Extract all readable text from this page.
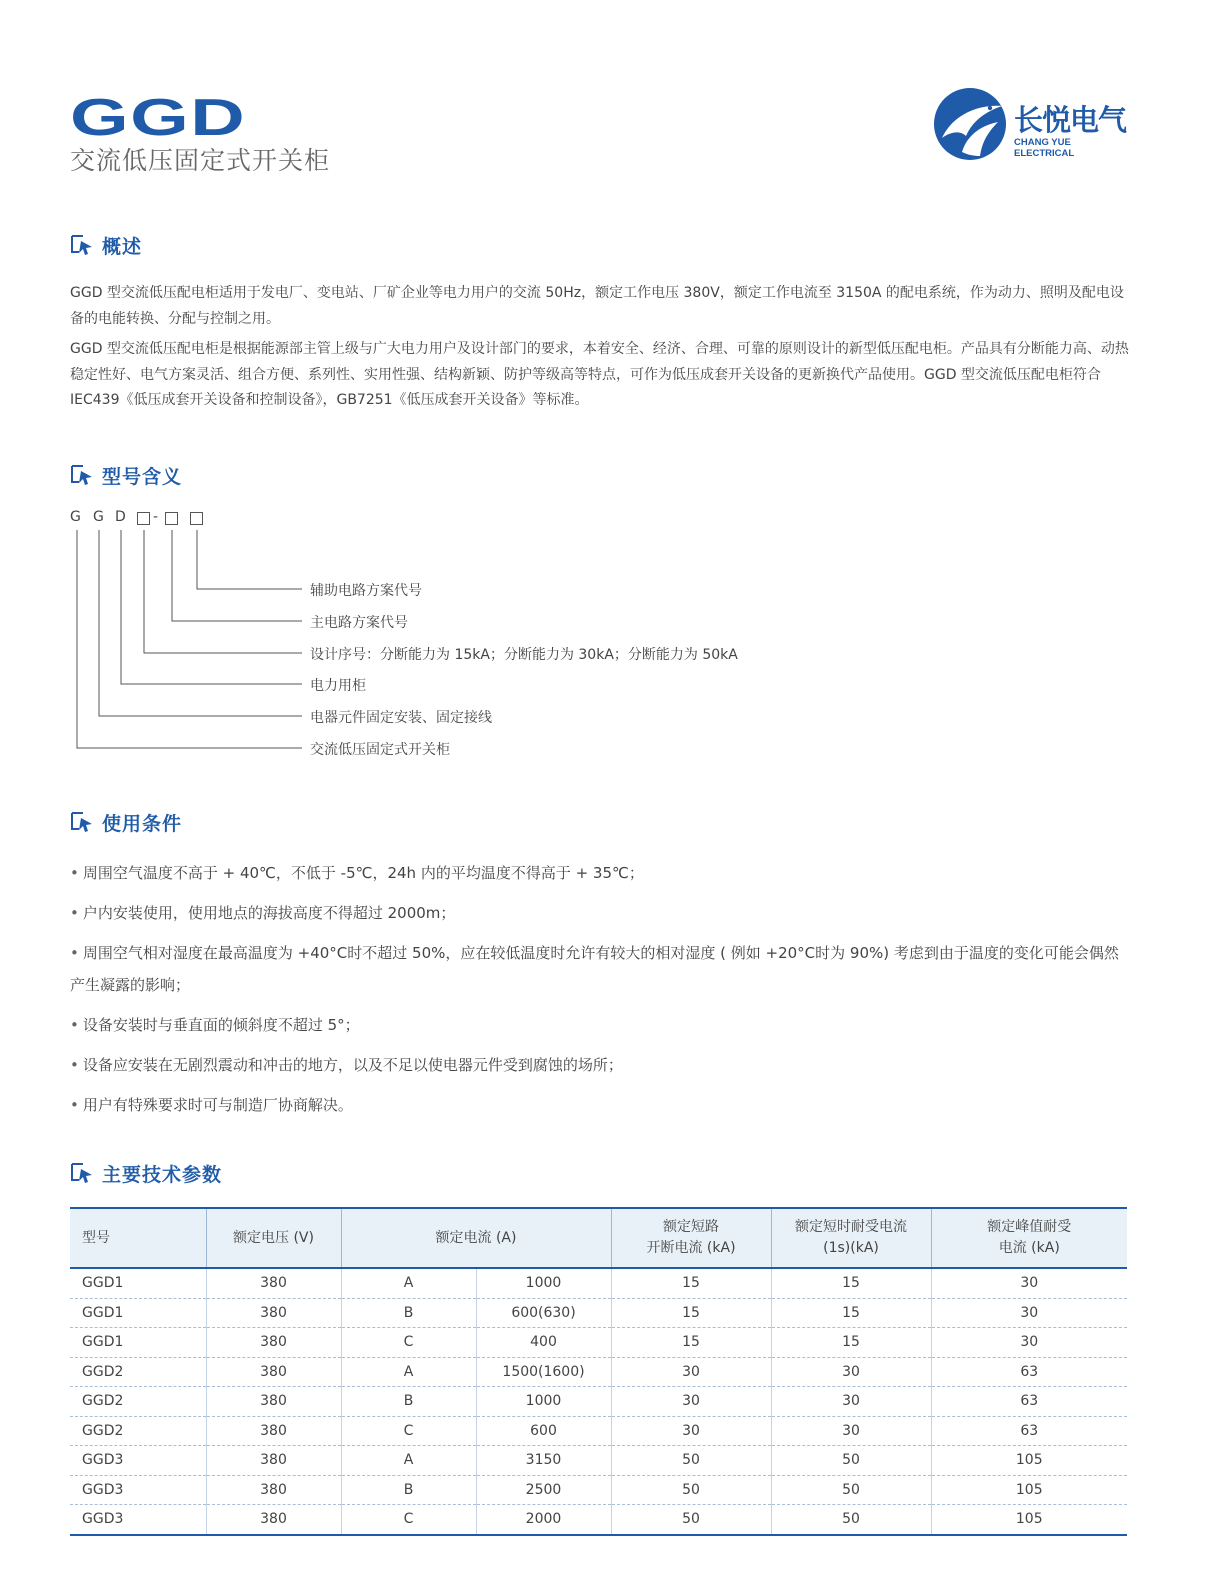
GGD
交流低压固定式开关柜
长悦电气
CHANG YUE ELECTRICAL
概述

GGD 型交流低压配电柜适用于发电厂、变电站、厂矿企业等电力用户的交流 50Hz，额定工作电压 380V，额定工作电流至 3150A 的配电系统，作为动力、照明及配电设备的电能转换、分配与控制之用。

GGD 型交流低压配电柜是根据能源部主管上级与广大电力用户及设计部门的要求，本着安全、经济、合理、可靠的原则设计的新型低压配电柜。产品具有分断能力高、动热稳定性好、电气方案灵活、组合方便、系列性、实用性强、结构新颖、防护等级高等特点，可作为低压成套开关设备的更新换代产品使用。GGD 型交流低压配电柜符合 IEC439《低压成套开关设备和控制设备》，GB7251《低压成套开关设备》等标准。

型号含义
G G D -
辅助电路方案代号
主电路方案代号
设计序号：分断能力为 15kA；分断能力为 30kA；分断能力为 50kA
电力用柜
电器元件固定安装、固定接线
交流低压固定式开关柜
使用条件
• 周围空气温度不高于 + 40℃，不低于 -5℃，24h 内的平均温度不得高于 + 35℃；
• 户内安装使用，使用地点的海拔高度不得超过 2000m；
• 周围空气相对湿度在最高温度为 +40°C时不超过 50%，应在较低温度时允许有较大的相对湿度 ( 例如 +20°C时为 90%) 考虑到由于温度的变化可能会偶然产生凝露的影响；
• 设备安装时与垂直面的倾斜度不超过 5°；
• 设备应安装在无剧烈震动和冲击的地方，以及不足以使电器元件受到腐蚀的场所；
• 用户有特殊要求时可与制造厂协商解决。
主要技术参数
型号	额定电压 (V)	额定电流 (A)		额定短路
开断电流 (kA)	额定短时耐受电流
(1s)(kA)	额定峰值耐受
电流 (kA)
GGD1	380	A	1000	15	15	30
GGD1	380	B	600(630)	15	15	30
GGD1	380	C	400	15	15	30
GGD2	380	A	1500(1600)	30	30	63
GGD2	380	B	1000	30	30	63
GGD2	380	C	600	30	30	63
GGD3	380	A	3150	50	50	105
GGD3	380	B	2500	50	50	105
GGD3	380	C	2000	50	50	105
